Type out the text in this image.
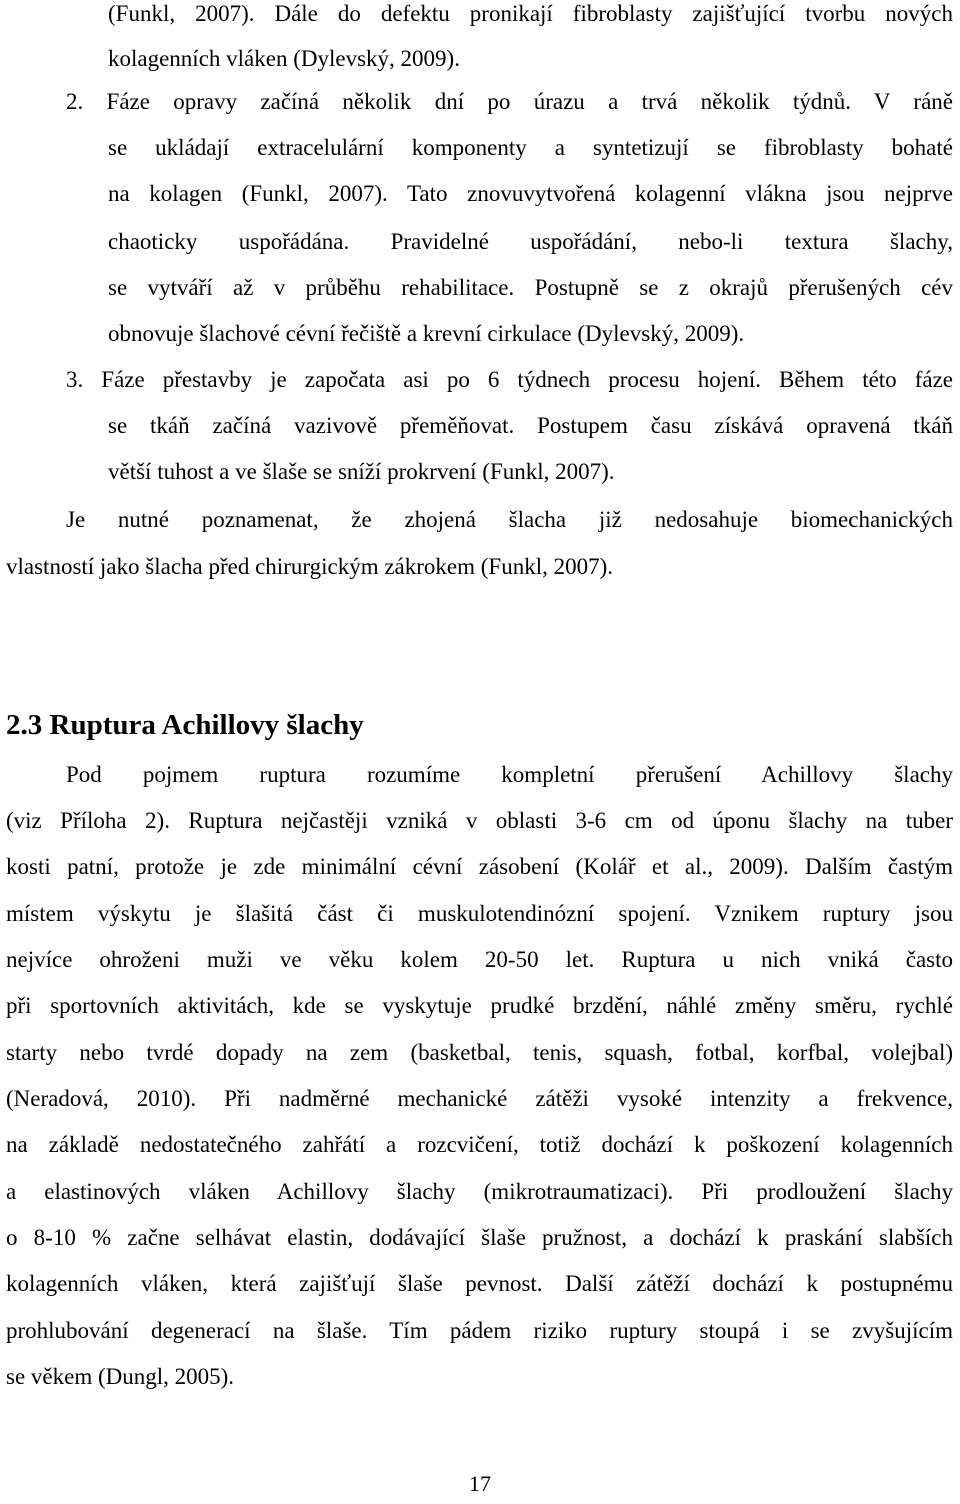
(Funkl, 2007). Dále do defektu pronikají fibroblasty zajišťující tvorbu nových
kolagenních vláken (Dylevský, 2009).
2. Fáze opravy začíná několik dní po úrazu a trvá několik týdnů. V ráně
se ukládají extracelulární komponenty a syntetizují se fibroblasty bohaté
na kolagen (Funkl, 2007). Tato znovuvytvořená kolagenní vlákna jsou nejprve
chaoticky uspořádána. Pravidelné uspořádání, nebo-li textura šlachy,
se vytváří až v průběhu rehabilitace. Postupně se z okrajů přerušených cév
obnovuje šlachové cévní řečiště a krevní cirkulace (Dylevský, 2009).
3. Fáze přestavby je započata asi po 6 týdnech procesu hojení. Během této fáze
se tkáň začíná vazivově přeměňovat. Postupem času získává opravená tkáň
větší tuhost a ve šlaše se sníží prokrvení (Funkl, 2007).
Je nutné poznamenat, že zhojená šlacha již nedosahuje biomechanických
vlastností jako šlacha před chirurgickým zákrokem (Funkl, 2007).
2.3 Ruptura Achillovy šlachy
Pod pojmem ruptura rozumíme kompletní přerušení Achillovy šlachy
(viz Příloha 2). Ruptura nejčastěji vzniká v oblasti 3-6 cm od úponu šlachy na tuber
kosti patní, protože je zde minimální cévní zásobení (Kolář et al., 2009). Dalším častým
místem výskytu je šlašitá část či muskulotendinózní spojení. Vznikem ruptury jsou
nejvíce ohroženi muži ve věku kolem 20-50 let. Ruptura u nich vniká často
při sportovních aktivitách, kde se vyskytuje prudké brzdění, náhlé změny směru, rychlé
starty nebo tvrdé dopady na zem (basketbal, tenis, squash, fotbal, korfbal, volejbal)
(Neradová, 2010). Při nadměrné mechanické zátěži vysoké intenzity a frekvence,
na základě nedostatečného zahřátí a rozcvičení, totiž dochází k poškození kolagenních
a elastinových vláken Achillovy šlachy (mikrotraumatizaci). Při prodloužení šlachy
o 8-10 % začne selhávat elastin, dodávající šlaše pružnost, a dochází k praskání slabších
kolagenních vláken, která zajišťují šlaše pevnost. Další zátěží dochází k postupnému
prohlubování degenerací na šlaše. Tím pádem riziko ruptury stoupá i se zvyšujícím
se věkem (Dungl, 2005).
17
